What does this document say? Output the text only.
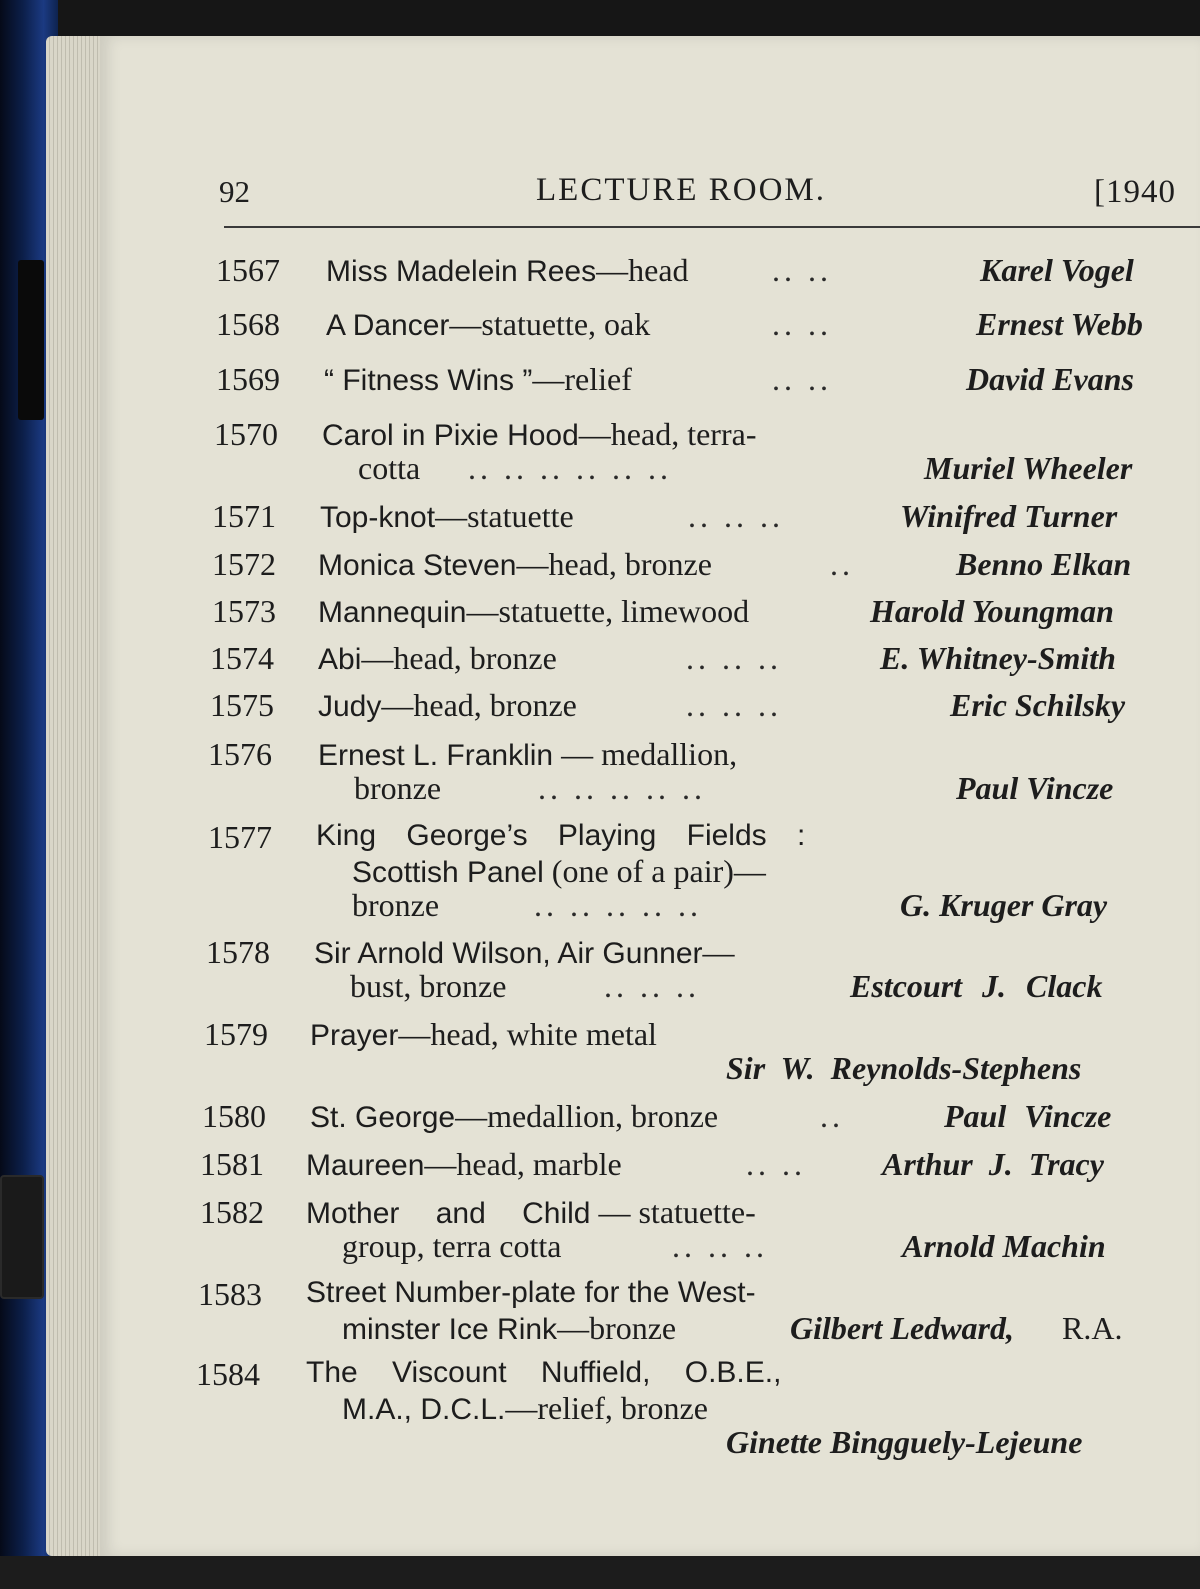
92	LECTURE ROOM.	[1940
1567 Miss Madelein Rees—head	.. ..	Karel Vogel
1568 A Dancer—statuette, oak	.. ..	Ernest Webb
1569 “ Fitness Wins ”—relief	.. ..	David Evans
1570 Carol in Pixie Hood—head, terra-
cotta .. .. .. .. .. ..	Muriel Wheeler
1571 Top-knot—statuette	.. .. ..	Winifred Turner
1572 Monica Steven—head, bronze	..	Benno Elkan
1573 Mannequin—statuette, limewood	Harold Youngman
1574 Abi—head, bronze	.. .. ..	E. Whitney-Smith
1575 Judy—head, bronze	.. .. ..	Eric Schilsky
1576 Ernest L. Franklin — medallion,
bronze	.. .. .. .. ..	Paul Vincze
1577 King George’s Playing Fields :
Scottish Panel (one of a pair)—
bronze	.. .. .. .. ..	G. Kruger Gray
1578 Sir Arnold Wilson, Air Gunner—
bust, bronze	.. .. ..	Estcourt J. Clack
1579 Prayer—head, white metal
Sir W. Reynolds-Stephens
1580 St. George—medallion, bronze	..	Paul Vincze
1581 Maureen—head, marble	.. .. Arthur J. Tracy
1582 Mother and Child — statuette-
group, terra cotta	.. .. ..	Arnold Machin
1583 Street Number-plate for the West-
minster Ice Rink—bronze	Gilbert Ledward, R.A.
1584 The Viscount Nuffield, O.B.E.,
M.A., D.C.L.—relief, bronze
Ginette Bingguely-Lejeune
